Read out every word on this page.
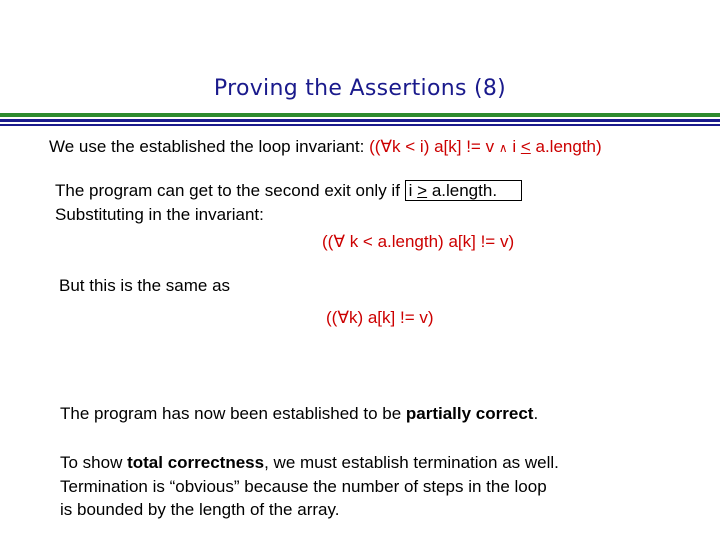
Proving the Assertions (8)
We use the established the loop invariant: ((∀k < i) a[k] != v ∧ i ≤ a.length)
The program can get to the second exit only if i ≥ a.length.
Substituting in the invariant:
((∀ k < a.length) a[k] != v)
But this is the same as
((∀k) a[k] != v)
The program has now been established to be partially correct.
To show total correctness, we must establish termination as well.
Termination is “obvious” because the number of steps in the loop
is bounded by the length of the array.
